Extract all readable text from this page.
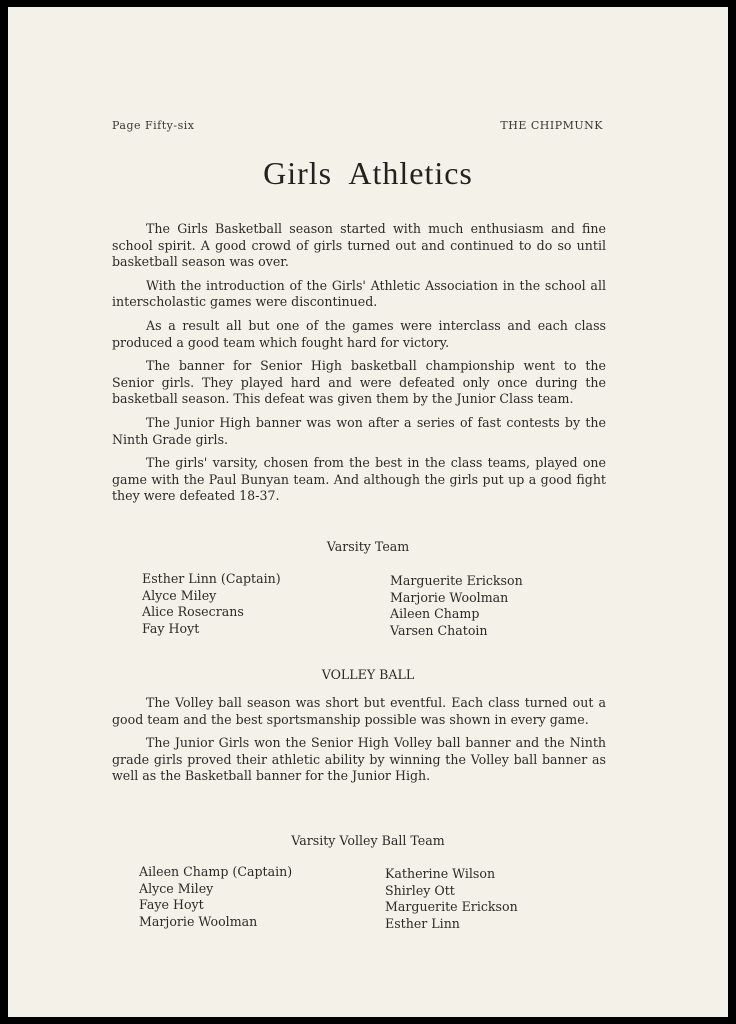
Page Fifty-six	THE CHIPMUNK
Girls  Athletics

The Girls Basketball season started with much enthusiasm and fine school spirit. A good crowd of girls turned out and continued to do so until basketball season was over.

With the introduction of the Girls' Athletic Association in the school all interscholastic games were discontinued.

As a result all but one of the games were interclass and each class produced a good team which fought hard for victory.

The banner for Senior High basketball championship went to the Senior girls. They played hard and were defeated only once during the basketball season. This defeat was given them by the Junior Class team.

The Junior High banner was won after a series of fast contests by the Ninth Grade girls.

The girls' varsity, chosen from the best in the class teams, played one game with the Paul Bunyan team. And although the girls put up a good fight they were defeated 18-37.

Varsity Team
Esther Linn (Captain)
Alyce Miley
Alice Rosecrans
Fay Hoyt
Marguerite Erickson
Marjorie Woolman
Aileen Champ
Varsen Chatoin
VOLLEY BALL

The Volley ball season was short but eventful. Each class turned out a good team and the best sportsmanship possible was shown in every game.

The Junior Girls won the Senior High Volley ball banner and the Ninth grade girls proved their athletic ability by winning the Volley ball banner as well as the Basketball banner for the Junior High.

Varsity Volley Ball Team
Aileen Champ (Captain)
Alyce Miley
Faye Hoyt
Marjorie Woolman
Katherine Wilson
Shirley Ott
Marguerite Erickson
Esther Linn
